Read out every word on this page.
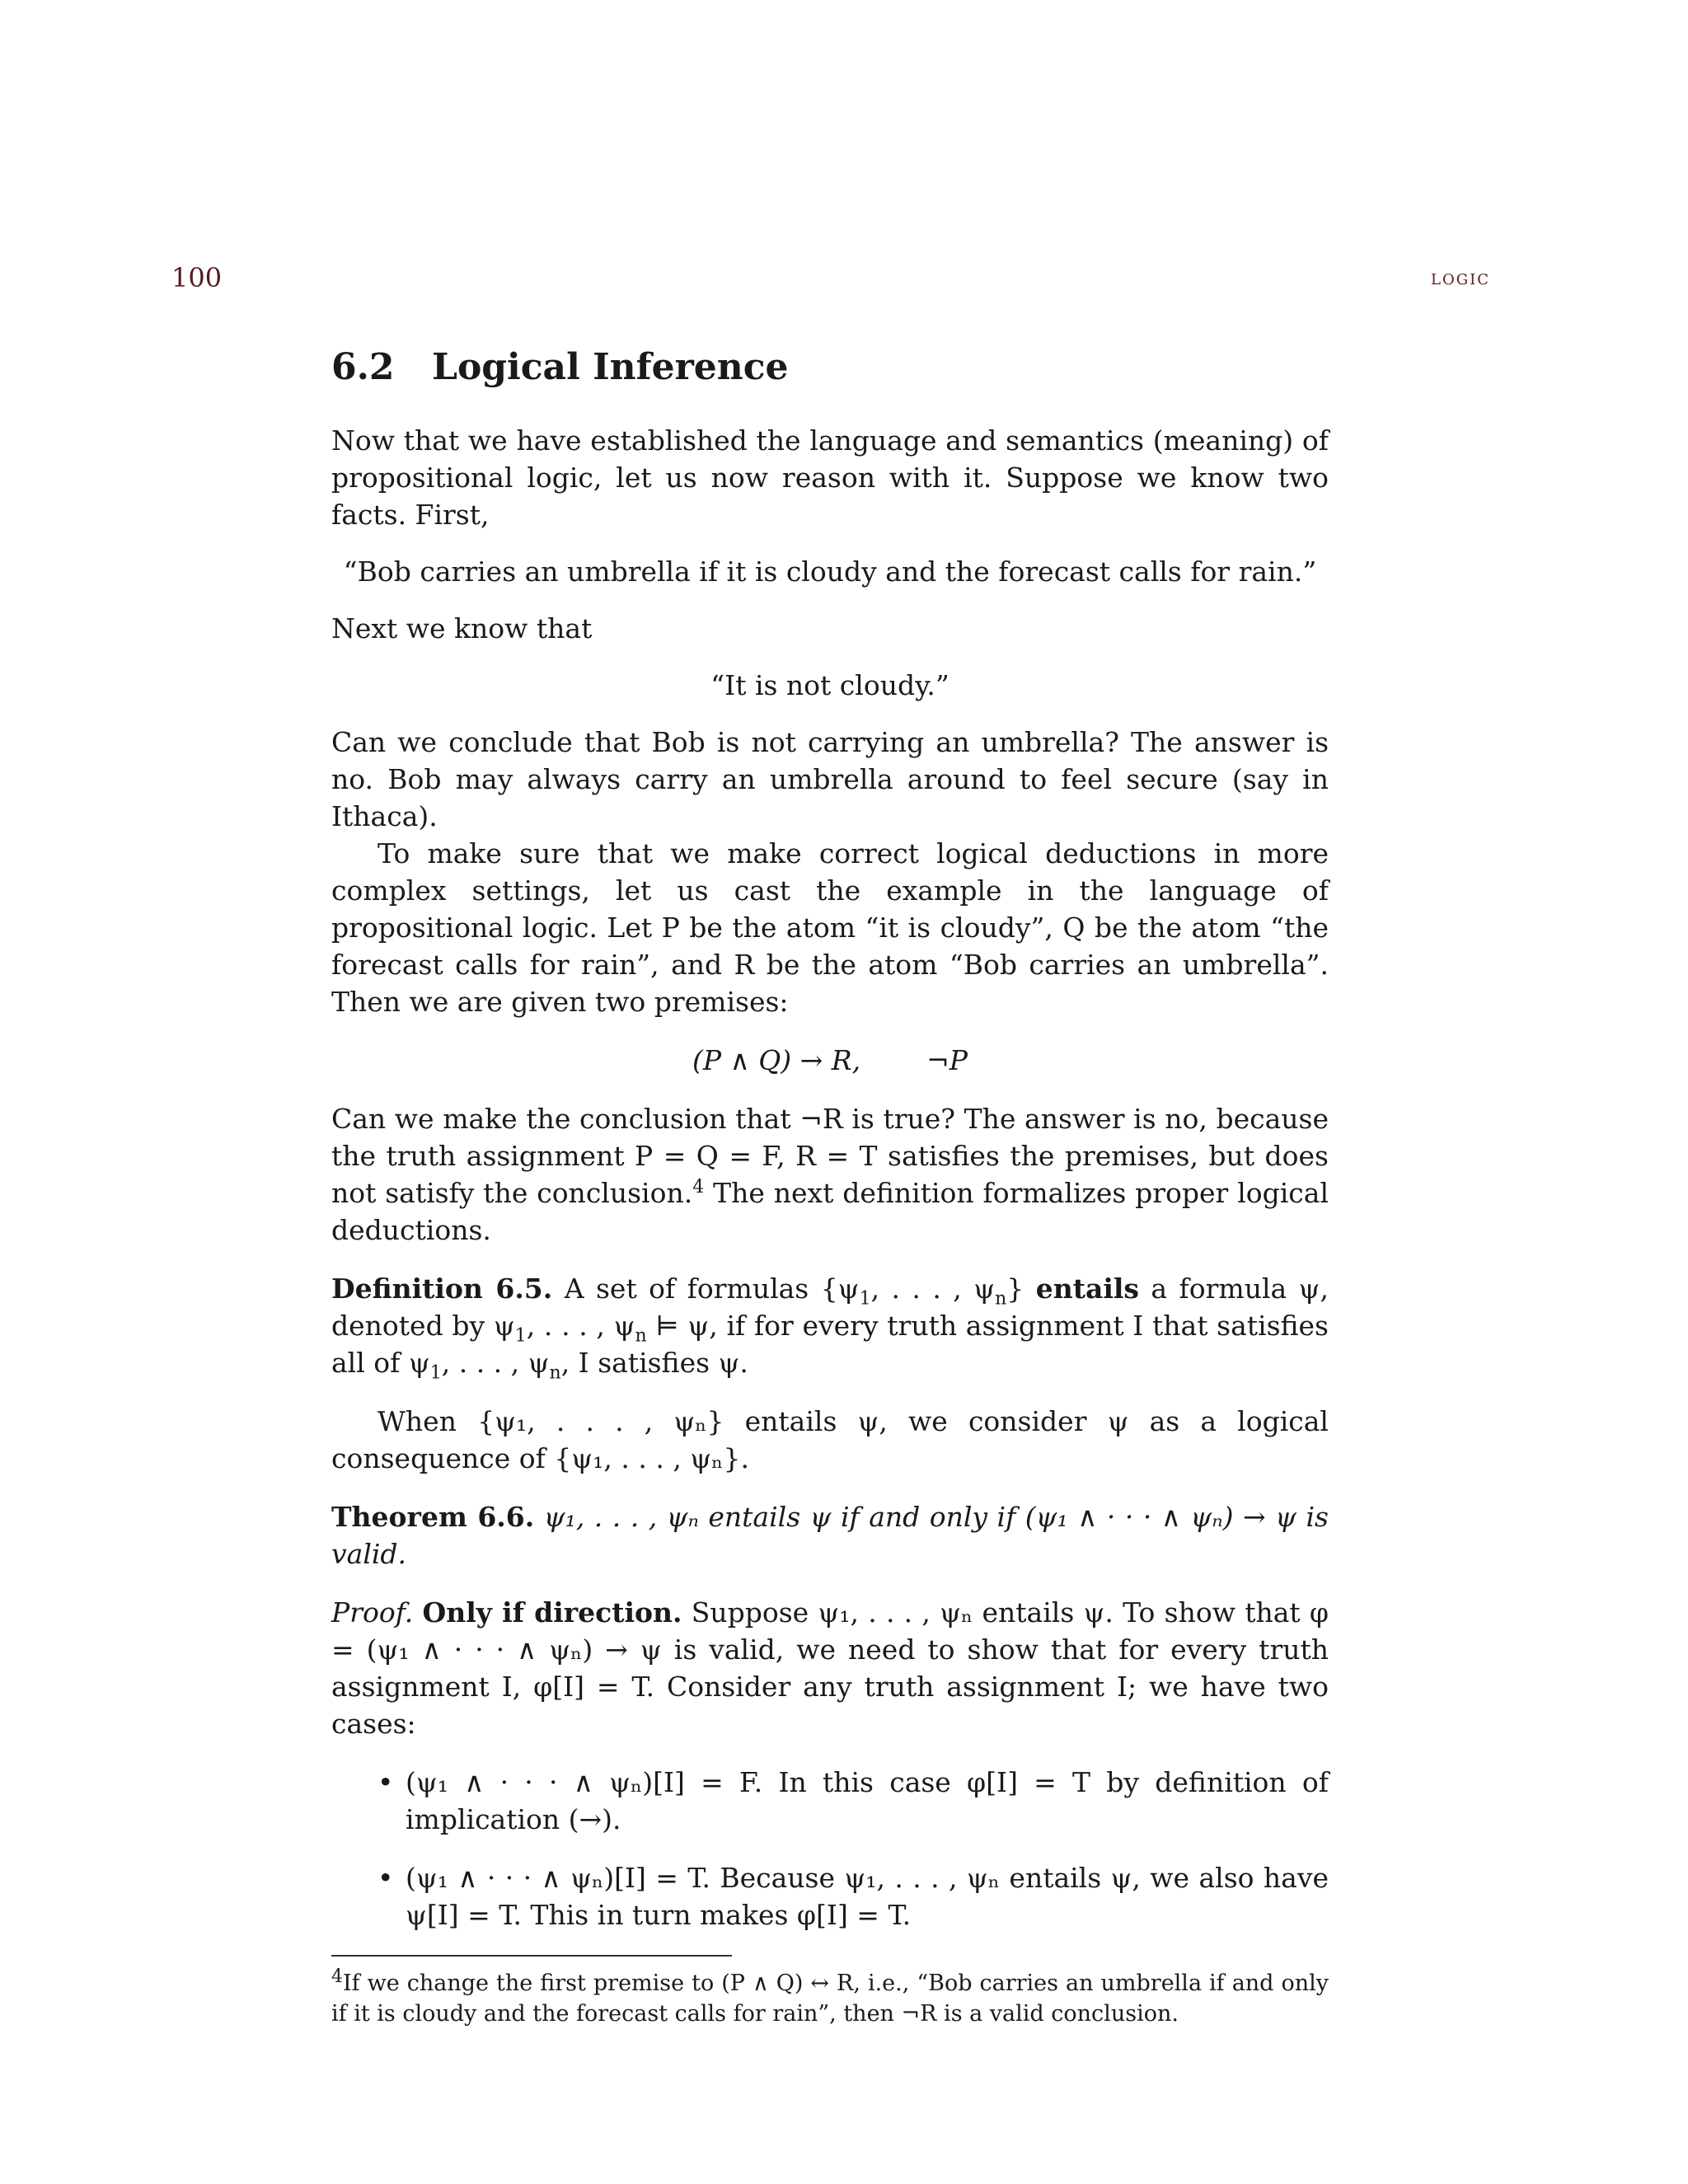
100	logic
6.2 Logical Inference

Now that we have established the language and semantics (meaning) of propositional logic, let us now reason with it. Suppose we know two facts. First,

“Bob carries an umbrella if it is cloudy and the forecast calls for rain.”

Next we know that

“It is not cloudy.”

Can we conclude that Bob is not carrying an umbrella? The answer is no. Bob may always carry an umbrella around to feel secure (say in Ithaca).

To make sure that we make correct logical deductions in more complex settings, let us cast the example in the language of propositional logic. Let P be the atom “it is cloudy”, Q be the atom “the forecast calls for rain”, and R be the atom “Bob carries an umbrella”. Then we are given two premises:

(P ∧ Q) → R, ¬P

Can we make the conclusion that ¬R is true? The answer is no, because the truth assignment P = Q = F, R = T satisfies the premises, but does not satisfy the conclusion.$^4$ The next definition formalizes proper logical deductions.

Definition 6.5. A set of formulas {$\psi_1$, . . . , $\psi_n$} entails a formula ψ, denoted by $\psi_1$, . . . , $\psi_n$ ⊨ ψ, if for every truth assignment I that satisfies all of $\psi_1$, . . . , $\psi_n$, I satisfies ψ.

When {ψ₁, . . . , ψₙ} entails ψ, we consider ψ as a logical consequence of {ψ₁, . . . , ψₙ}.

Theorem 6.6. ψ₁, . . . , ψₙ entails ψ if and only if (ψ₁ ∧ · · · ∧ ψₙ) → ψ is valid.

Proof. Only if direction. Suppose ψ₁, . . . , ψₙ entails ψ. To show that φ = (ψ₁ ∧ · · · ∧ ψₙ) → ψ is valid, we need to show that for every truth assignment I, φ[I] = T. Consider any truth assignment I; we have two cases:

• (ψ₁ ∧ · · · ∧ ψₙ)[I] = F. In this case φ[I] = T by definition of implication (→).
• (ψ₁ ∧ · · · ∧ ψₙ)[I] = T. Because ψ₁, . . . , ψₙ entails ψ, we also have ψ[I] = T. This in turn makes φ[I] = T.

$^4$If we change the first premise to (P ∧ Q) ↔ R, i.e., “Bob carries an umbrella if and only if it is cloudy and the forecast calls for rain”, then ¬R is a valid conclusion.
